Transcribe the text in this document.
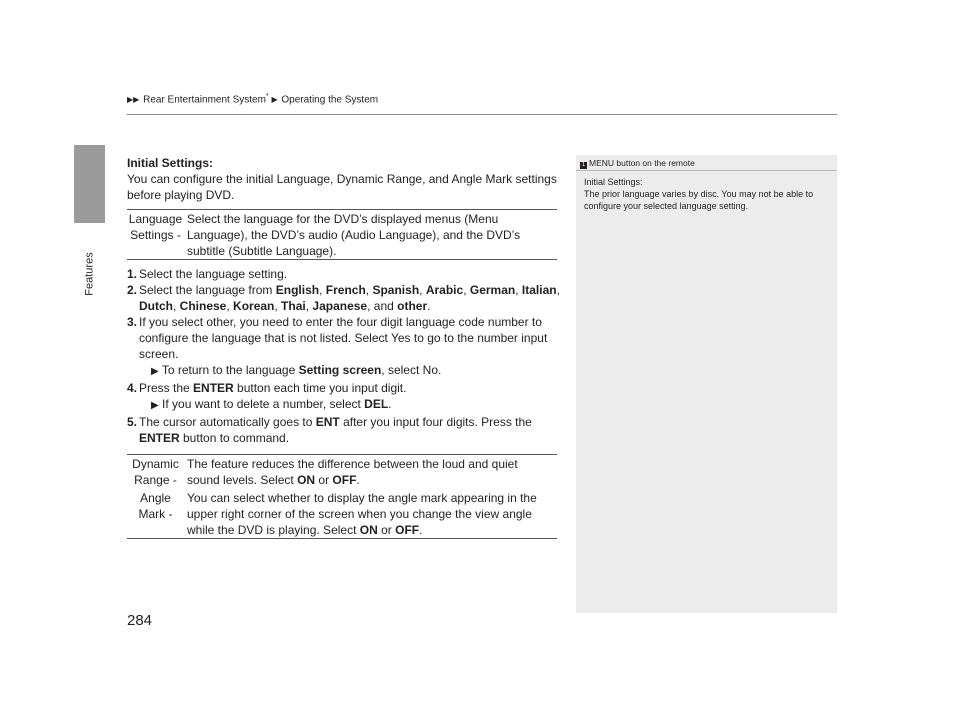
Features
▶▶ Rear Entertainment System* ▶ Operating the System

Initial Settings:

You can configure the initial Language, Dynamic Range, and Angle Mark settings before playing DVD.

Language
Settings -
Select the language for the DVD’s displayed menus (Menu Language), the DVD’s audio (Audio Language), and the DVD’s subtitle (Subtitle Language).
1. Select the language setting.
2. Select the language from English, French, Spanish, Arabic, German, Italian, Dutch, Chinese, Korean, Thai, Japanese, and other.
3. If you select other, you need to enter the four digit language code number to configure the language that is not listed. Select Yes to go to the number input screen.
▶ To return to the language Setting screen, select No.
4. Press the ENTER button each time you input digit.
▶ If you want to delete a number, select DEL.
5. The cursor automatically goes to ENT after you input four digits. Press the ENTER button to command.
Dynamic
Range -
The feature reduces the difference between the loud and quiet sound levels. Select ON or OFF.
Angle
Mark -
You can select whether to display the angle mark appearing in the upper right corner of the screen when you change the view angle while the DVD is playing. Select ON or OFF.
1 MENU button on the remote
Initial Settings:
The prior language varies by disc. You may not be able to configure your selected language setting.
284
